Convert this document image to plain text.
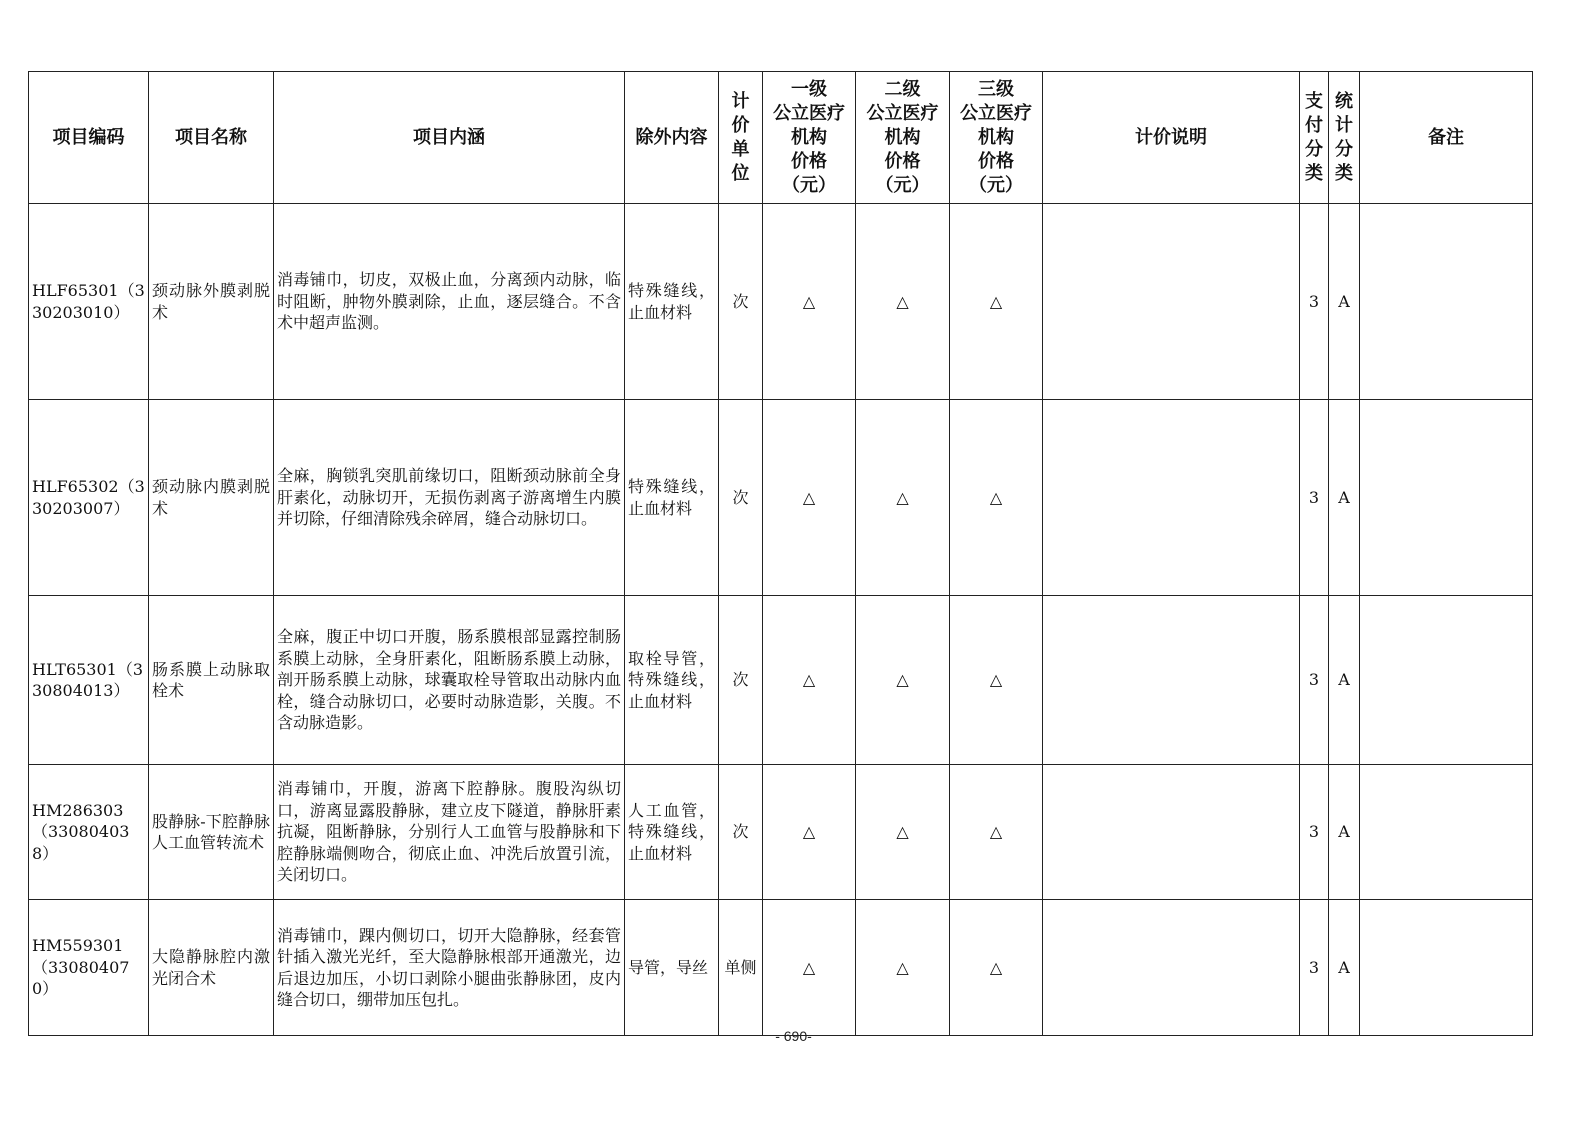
项目编码	项目名称	项目内涵	除外内容	计价单位	一级
公立医疗
机构
价格
（元）	二级
公立医疗
机构
价格
（元）	三级
公立医疗
机构
价格
（元）	计价说明	支付分类	统计分类	备注
HLF65301（330203010）	颈动脉外膜剥脱术	消毒铺巾，切皮，双极止血，分离颈内动脉，临时阻断，肿物外膜剥除，止血，逐层缝合。不含术中超声监测。	特殊缝线，止血材料	次	△	△	△		3	A	
HLF65302（330203007）	颈动脉内膜剥脱术	全麻，胸锁乳突肌前缘切口，阻断颈动脉前全身肝素化，动脉切开，无损伤剥离子游离增生内膜并切除，仔细清除残余碎屑，缝合动脉切口。	特殊缝线，止血材料	次	△	△	△		3	A	
HLT65301（330804013）	肠系膜上动脉取栓术	全麻，腹正中切口开腹，肠系膜根部显露控制肠系膜上动脉，全身肝素化，阻断肠系膜上动脉，剖开肠系膜上动脉，球囊取栓导管取出动脉内血栓，缝合动脉切口，必要时动脉造影，关腹。不含动脉造影。	取栓导管，特殊缝线，止血材料	次	△	△	△		3	A	
HM286303（330804038）	股静脉-下腔静脉人工血管转流术	消毒铺巾，开腹，游离下腔静脉。腹股沟纵切口，游离显露股静脉，建立皮下隧道，静脉肝素抗凝，阻断静脉，分别行人工血管与股静脉和下腔静脉端侧吻合，彻底止血、冲洗后放置引流，关闭切口。	人工血管，特殊缝线，止血材料	次	△	△	△		3	A	
HM559301（330804070）	大隐静脉腔内激光闭合术	消毒铺巾，踝内侧切口，切开大隐静脉，经套管针插入激光光纤，至大隐静脉根部开通激光，边后退边加压，小切口剥除小腿曲张静脉团，皮内缝合切口，绷带加压包扎。	导管，导丝	单侧	△	△	△		3	A	
- 690-
